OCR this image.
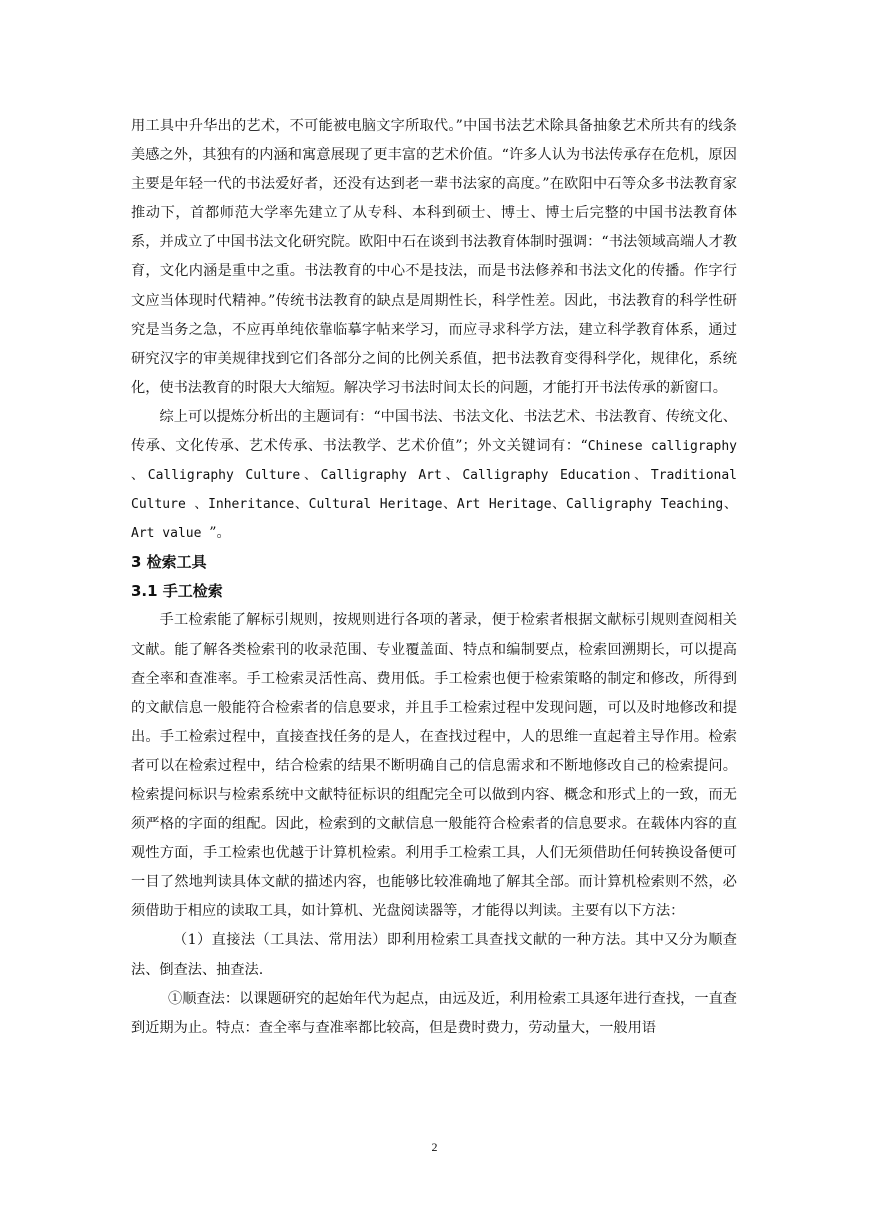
用工具中升华出的艺术，不可能被电脑文字所取代。”中国书法艺术除具备抽象艺术所共有的线条美感之外，其独有的内涵和寓意展现了更丰富的艺术价值。“许多人认为书法传承存在危机，原因主要是年轻一代的书法爱好者，还没有达到老一辈书法家的高度。”在欧阳中石等众多书法教育家推动下，首都师范大学率先建立了从专科、本科到硕士、博士、博士后完整的中国书法教育体系，并成立了中国书法文化研究院。欧阳中石在谈到书法教育体制时强调：“书法领域高端人才教育，文化内涵是重中之重。书法教育的中心不是技法，而是书法修养和书法文化的传播。作字行文应当体现时代精神。”传统书法教育的缺点是周期性长，科学性差。因此，书法教育的科学性研究是当务之急，不应再单纯依靠临摹字帖来学习，而应寻求科学方法，建立科学教育体系，通过研究汉字的审美规律找到它们各部分之间的比例关系值，把书法教育变得科学化，规律化，系统化，使书法教育的时限大大缩短。解决学习书法时间太长的问题，才能打开书法传承的新窗口。

综上可以提炼分析出的主题词有：“中国书法、书法文化、书法艺术、书法教育、传统文化、传承、文化传承、艺术传承、书法教学、艺术价值”；外文关键词有：“Chinese calligraphy 、Calligraphy Culture、Calligraphy Art、Calligraphy Education、Traditional Culture 、Inheritance、Cultural Heritage、Art Heritage、Calligraphy Teaching、Art value ”。

3 检索工具
3.1 手工检索

手工检索能了解标引规则，按规则进行各项的著录，便于检索者根据文献标引规则查阅相关文献。能了解各类检索刊的收录范围、专业覆盖面、特点和编制要点，检索回溯期长，可以提高查全率和查准率。手工检索灵活性高、费用低。手工检索也便于检索策略的制定和修改，所得到的文献信息一般能符合检索者的信息要求，并且手工检索过程中发现问题，可以及时地修改和提出。手工检索过程中，直接查找任务的是人，在查找过程中，人的思维一直起着主导作用。检索者可以在检索过程中，结合检索的结果不断明确自己的信息需求和不断地修改自己的检索提问。检索提问标识与检索系统中文献特征标识的组配完全可以做到内容、概念和形式上的一致，而无须严格的字面的组配。因此，检索到的文献信息一般能符合检索者的信息要求。在载体内容的直观性方面，手工检索也优越于计算机检索。利用手工检索工具，人们无须借助任何转换设备便可一目了然地判读具体文献的描述内容，也能够比较准确地了解其全部。而计算机检索则不然，必须借助于相应的读取工具，如计算机、光盘阅读器等，才能得以判读。主要有以下方法：

（1）直接法（工具法、常用法）即利用检索工具查找文献的一种方法。其中又分为顺查法、倒查法、抽查法.

①顺查法：以课题研究的起始年代为起点，由远及近，利用检索工具逐年进行查找，一直查到近期为止。特点：查全率与查准率都比较高，但是费时费力，劳动量大，一般用语

2
